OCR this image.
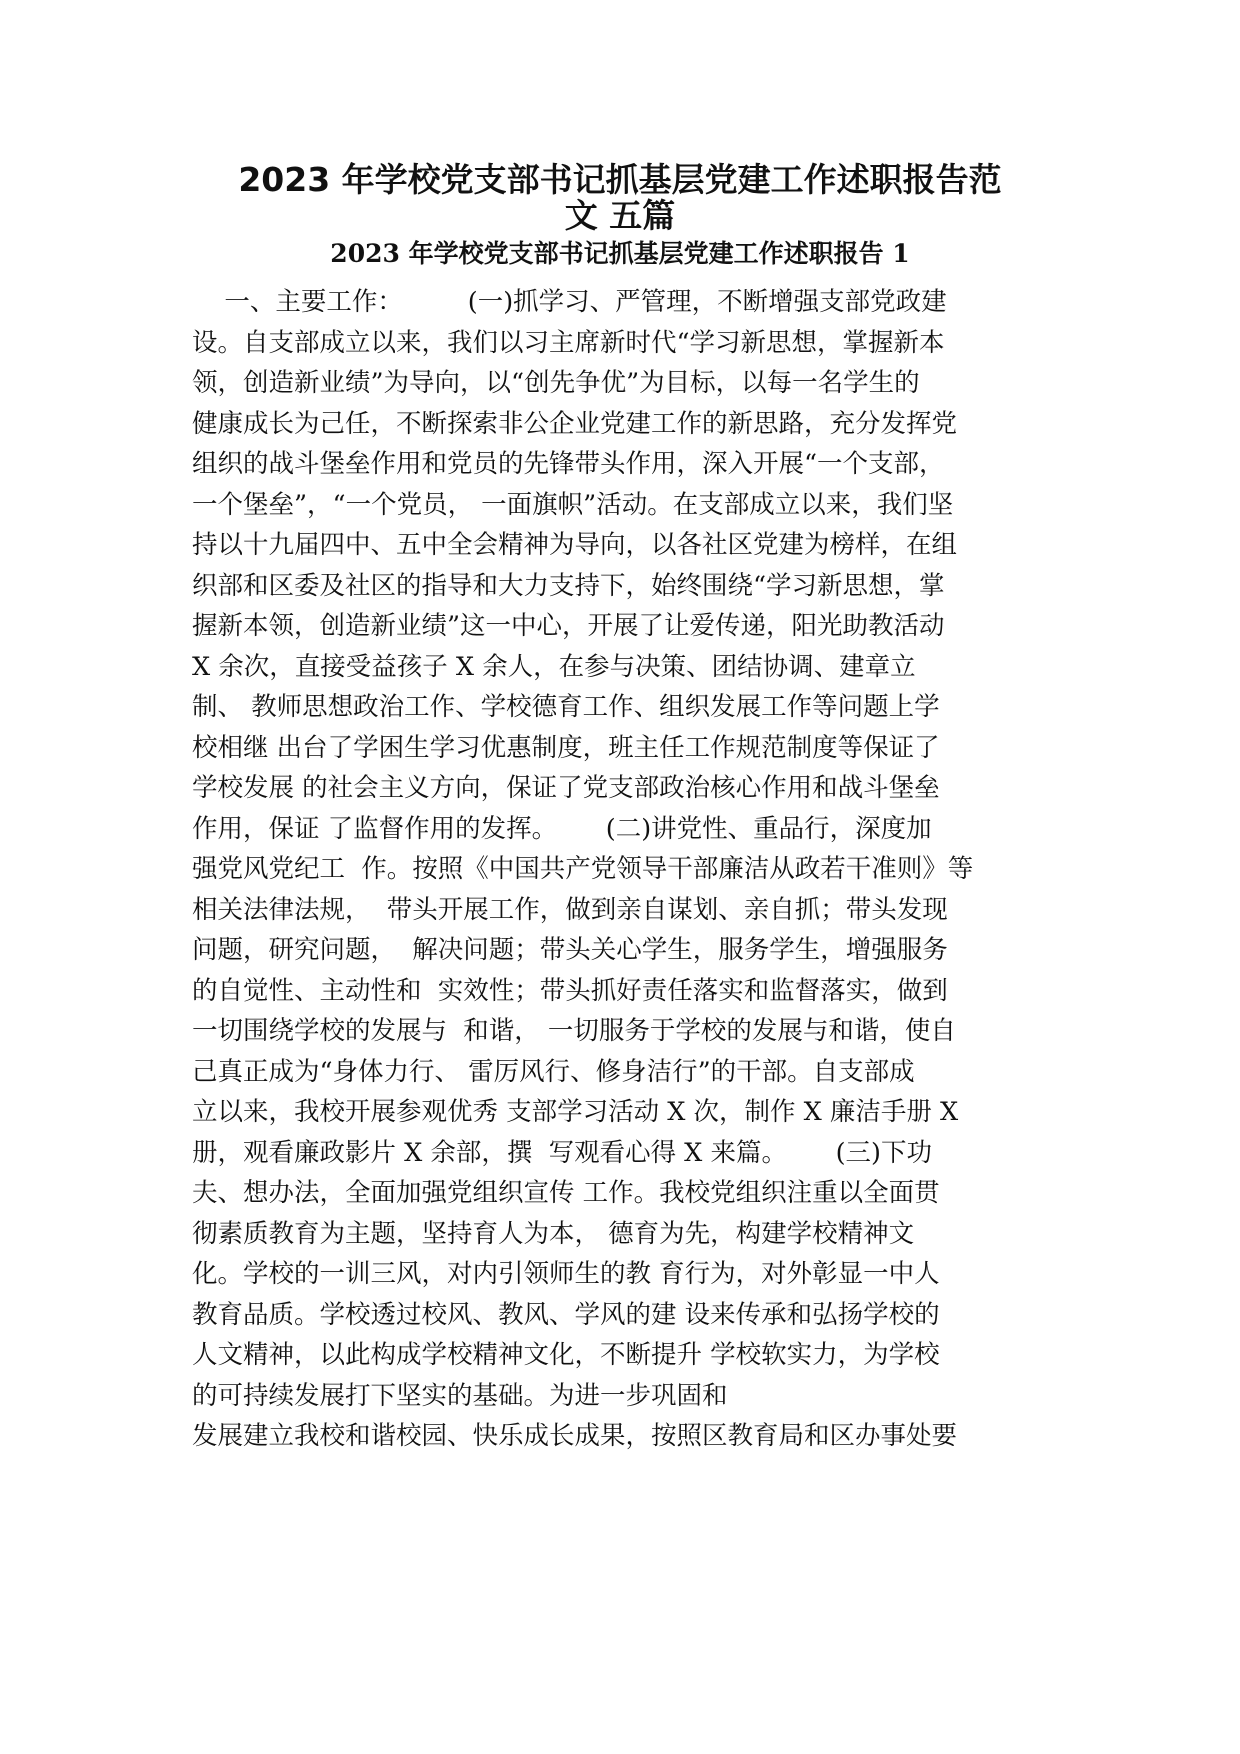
2023 年学校党支部书记抓基层党建工作述职报告范
文 五篇
2023 年学校党支部书记抓基层党建工作述职报告 1
一、主要工作：        (一)抓学习、严管理，不断增强支部党政建
设。自支部成立以来，我们以习主席新时代“学习新思想，掌握新本
领，创造新业绩”为导向，以“创先争优”为目标，以每一名学生的
健康成长为己任，不断探索非公企业党建工作的新思路，充分发挥党
组织的战斗堡垒作用和党员的先锋带头作用，深入开展“一个支部，
一个堡垒”，“一个党员， 一面旗帜”活动。在支部成立以来，我们坚
持以十九届四中、五中全会精神为导向，以各社区党建为榜样，在组
织部和区委及社区的指导和大力支持下，始终围绕“学习新思想，掌
握新本领，创造新业绩”这一中心，开展了让爱传递，阳光助教活动
X 余次，直接受益孩子 X 余人，在参与决策、团结协调、建章立
制、 教师思想政治工作、学校德育工作、组织发展工作等问题上学
校相继 出台了学困生学习优惠制度，班主任工作规范制度等保证了
学校发展 的社会主义方向，保证了党支部政治核心作用和战斗堡垒
作用，保证 了监督作用的发挥。      (二)讲党性、重品行，深度加
强党风党纪工  作。按照《中国共产党领导干部廉洁从政若干准则》等
相关法律法规，  带头开展工作，做到亲自谋划、亲自抓；带头发现
问题，研究问题，  解决问题；带头关心学生，服务学生，增强服务
的自觉性、主动性和  实效性；带头抓好责任落实和监督落实，做到
一切围绕学校的发展与  和谐， 一切服务于学校的发展与和谐，使自
己真正成为“身体力行、 雷厉风行、修身洁行”的干部。自支部成
立以来，我校开展参观优秀 支部学习活动 X 次，制作 X 廉洁手册 X
册，观看廉政影片 X 余部，撰  写观看心得 X 来篇。      (三)下功
夫、想办法，全面加强党组织宣传 工作。我校党组织注重以全面贯
彻素质教育为主题，坚持育人为本， 德育为先，构建学校精神文
化。学校的一训三风，对内引领师生的教 育行为，对外彰显一中人
教育品质。学校透过校风、教风、学风的建 设来传承和弘扬学校的
人文精神，以此构成学校精神文化，不断提升 学校软实力，为学校
的可持续发展打下坚实的基础。为进一步巩固和
发展建立我校和谐校园、快乐成长成果，按照区教育局和区办事处要
